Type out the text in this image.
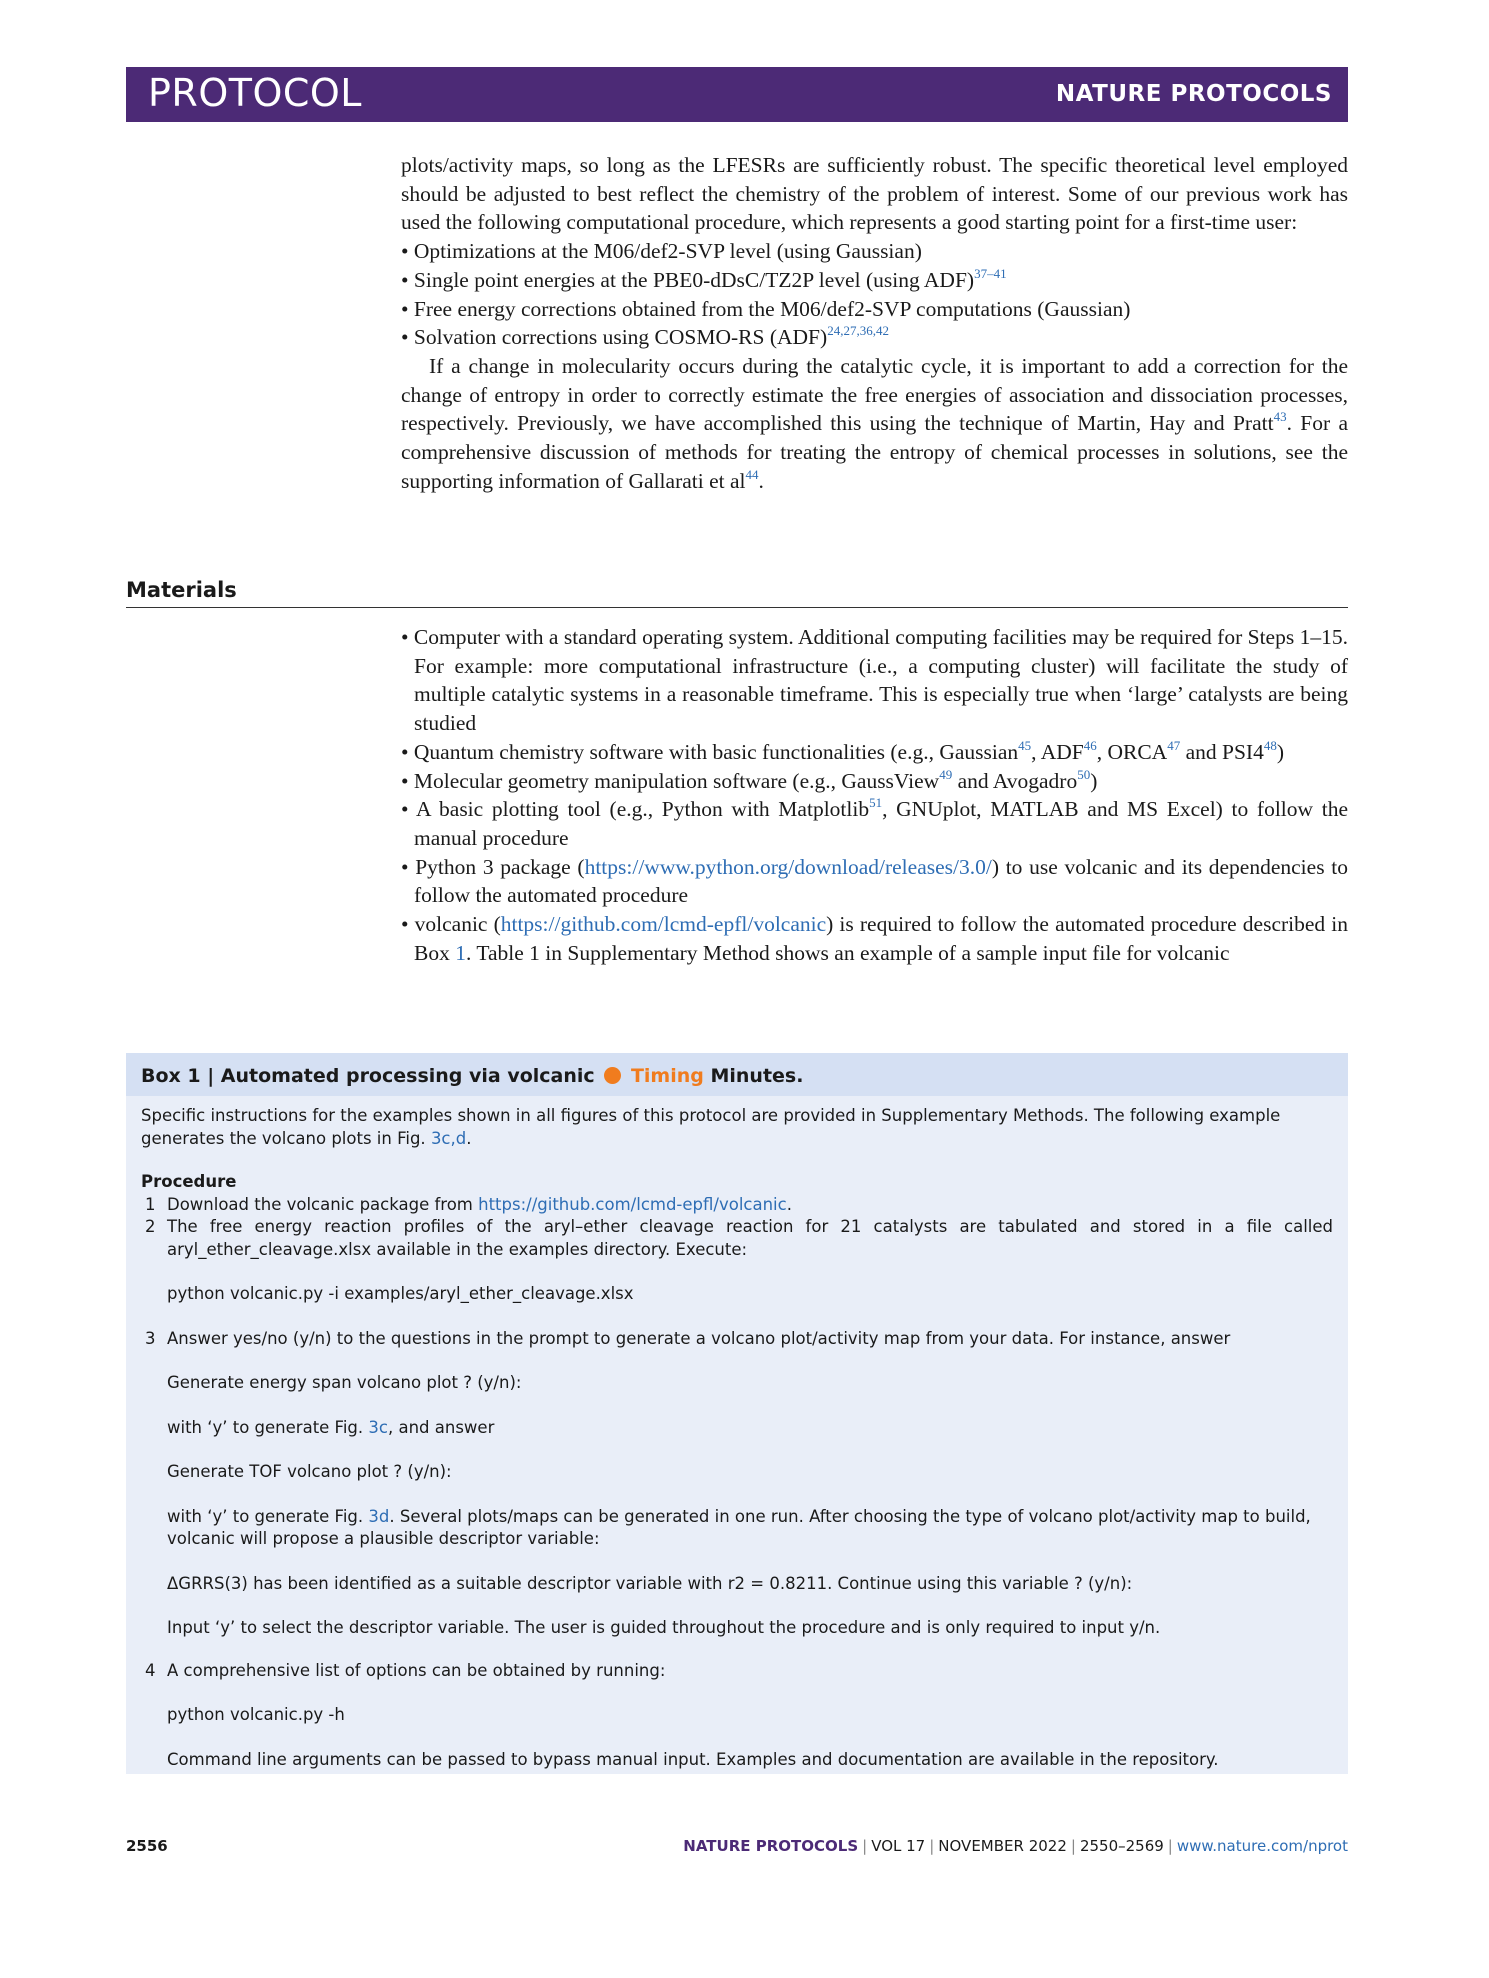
PROTOCOL	NATURE PROTOCOLS

plots/activity maps, so long as the LFESRs are sufficiently robust. The specific theoretical level employed should be adjusted to best reflect the chemistry of the problem of interest. Some of our previous work has used the following computational procedure, which represents a good starting point for a first-time user:

• Optimizations at the M06/def2-SVP level (using Gaussian)

• Single point energies at the PBE0-dDsC/TZ2P level (using ADF)$^{37-41}$

• Free energy corrections obtained from the M06/def2-SVP computations (Gaussian)

• Solvation corrections using COSMO-RS (ADF)$^{24,27,36,42}$

If a change in molecularity occurs during the catalytic cycle, it is important to add a correction for the change of entropy in order to correctly estimate the free energies of association and dissociation processes, respectively. Previously, we have accomplished this using the technique of Martin, Hay and Pratt$^{43}$. For a comprehensive discussion of methods for treating the entropy of chemical processes in solutions, see the supporting information of Gallarati et $al^{44}$.

Materials

• Computer with a standard operating system. Additional computing facilities may be required for Steps 1–15. For example: more computational infrastructure (i.e., a computing cluster) will facilitate the study of multiple catalytic systems in a reasonable timeframe. This is especially true when ‘large’ catalysts are being studied

• Quantum chemistry software with basic functionalities (e.g., Gaussian$^{45}$, ADF$^{46}$, ORCA$^{47}$ and $PSI4^{48}$)

• Molecular geometry manipulation software (e.g., GaussView$^{49}$ and Avogadro$^{50}$)

• A basic plotting tool (e.g., Python with Matplotlib$^{51}$, GNUplot, MATLAB and MS Excel) to follow the manual procedure

• Python 3 package (https://www.python.org/download/releases/3.0/) to use volcanic and its dependencies to follow the automated procedure

• volcanic (https://github.com/lcmd-epfl/volcanic) is required to follow the automated procedure described in Box 1. Table 1 in Supplementary Method shows an example of a sample input file for volcanic

Box 1 | Automated processing via volcanic Timing Minutes.

Specific instructions for the examples shown in all figures of this protocol are provided in Supplementary Methods. The following example generates the volcano plots in Fig. 3c,d.

Procedure

1 Download the volcanic package from https://github.com/lcmd-epfl/volcanic.

2 The free energy reaction profiles of the aryl–ether cleavage reaction for 21 catalysts are tabulated and stored in a file called aryl_ether_cleavage.xlsx available in the examples directory. Execute:

python volcanic.py -i examples/aryl_ether_cleavage.xlsx

3 Answer yes/no (y/n) to the questions in the prompt to generate a volcano plot/activity map from your data. For instance, answer

Generate energy span volcano plot ? (y/n):

with ‘y’ to generate Fig. 3c, and answer

Generate TOF volcano plot ? (y/n):

with ‘y’ to generate Fig. 3d. Several plots/maps can be generated in one run. After choosing the type of volcano plot/activity map to build, volcanic will propose a plausible descriptor variable:

ΔGRRS(3) has been identified as a suitable descriptor variable with r2 = 0.8211. Continue using this variable ? (y/n):

Input ‘y’ to select the descriptor variable. The user is guided throughout the procedure and is only required to input y/n.

4 A comprehensive list of options can be obtained by running:

python volcanic.py -h

Command line arguments can be passed to bypass manual input. Examples and documentation are available in the repository.

2556	NATURE PROTOCOLS | VOL 17 | NOVEMBER 2022 | 2550–2569 | www.nature.com/nprot
